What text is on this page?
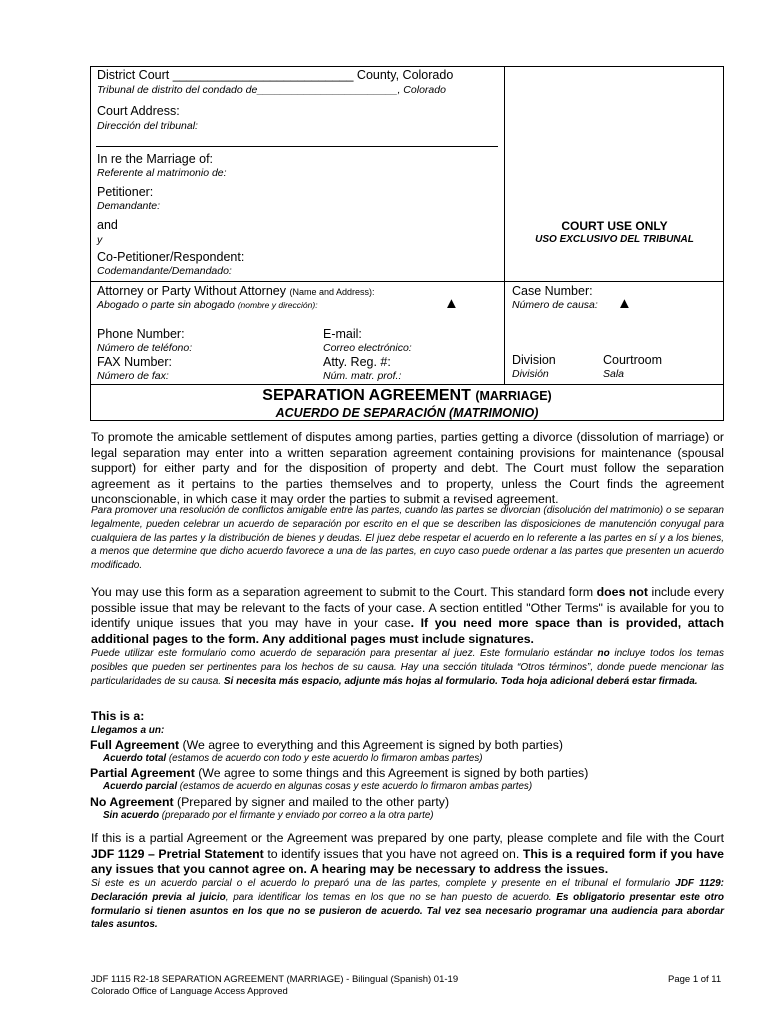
District Court __________________________ County, Colorado
Tribunal de distrito del condado de________________________, Colorado
Court Address:
Dirección del tribunal:
In re the Marriage of:
Referente al matrimonio de:
Petitioner:
Demandante:
and
y
Co-Petitioner/Respondent:
Codemandante/Demandado:
COURT USE ONLY
USO EXCLUSIVO DEL TRIBUNAL
Attorney or Party Without Attorney (Name and Address):
Abogado o parte sin abogado (nombre y dirección):	▲
Case Number:
Número de causa: ▲
Phone Number:
Número de teléfono:
FAX Number:
Número de fax:
E-mail:
Correo electrónico:
Atty. Reg. #:
Núm. matr. prof.:
Division
División
Courtroom
Sala
SEPARATION AGREEMENT (MARRIAGE)
ACUERDO DE SEPARACIÓN (MATRIMONIO)
To promote the amicable settlement of disputes among parties, parties getting a divorce (dissolution of marriage) or legal separation may enter into a written separation agreement containing provisions for maintenance (spousal support) for either party and for the disposition of property and debt. The Court must follow the separation agreement as it pertains to the parties themselves and to property, unless the Court finds the agreement unconscionable, in which case it may order the parties to submit a revised agreement.
Para promover una resolución de conflictos amigable entre las partes, cuando las partes se divorcian (disolución del matrimonio) o se separan legalmente, pueden celebrar un acuerdo de separación por escrito en el que se describen las disposiciones de manutención conyugal para cualquiera de las partes y la distribución de bienes y deudas. El juez debe respetar el acuerdo en lo referente a las partes en sí y a los bienes, a menos que determine que dicho acuerdo favorece a una de las partes, en cuyo caso puede ordenar a las partes que presenten un acuerdo modificado.
You may use this form as a separation agreement to submit to the Court. This standard form does not include every possible issue that may be relevant to the facts of your case. A section entitled "Other Terms" is available for you to identify unique issues that you may have in your case. If you need more space than is provided, attach additional pages to the form. Any additional pages must include signatures.
Puede utilizar este formulario como acuerdo de separación para presentar al juez. Este formulario estándar no incluye todos los temas posibles que pueden ser pertinentes para los hechos de su causa. Hay una sección titulada “Otros términos”, donde puede mencionar las particularidades de su causa. Si necesita más espacio, adjunte más hojas al formulario. Toda hoja adicional deberá estar firmada.
This is a:
Llegamos a un:
Full Agreement (We agree to everything and this Agreement is signed by both parties)
Acuerdo total (estamos de acuerdo con todo y este acuerdo lo firmaron ambas partes)
Partial Agreement (We agree to some things and this Agreement is signed by both parties)
Acuerdo parcial (estamos de acuerdo en algunas cosas y este acuerdo lo firmaron ambas partes)
No Agreement (Prepared by signer and mailed to the other party)
Sin acuerdo (preparado por el firmante y enviado por correo a la otra parte)
If this is a partial Agreement or the Agreement was prepared by one party, please complete and file with the Court JDF 1129 – Pretrial Statement to identify issues that you have not agreed on. This is a required form if you have any issues that you cannot agree on. A hearing may be necessary to address the issues.
Si este es un acuerdo parcial o el acuerdo lo preparó una de las partes, complete y presente en el tribunal el formulario JDF 1129: Declaración previa al juicio, para identificar los temas en los que no se han puesto de acuerdo. Es obligatorio presentar este otro formulario si tienen asuntos en los que no se pusieron de acuerdo. Tal vez sea necesario programar una audiencia para abordar tales asuntos.
JDF 1115 R2-18 SEPARATION AGREEMENT (MARRIAGE) - Bilingual (Spanish) 01-19
Colorado Office of Language Access Approved
Page 1 of 11
